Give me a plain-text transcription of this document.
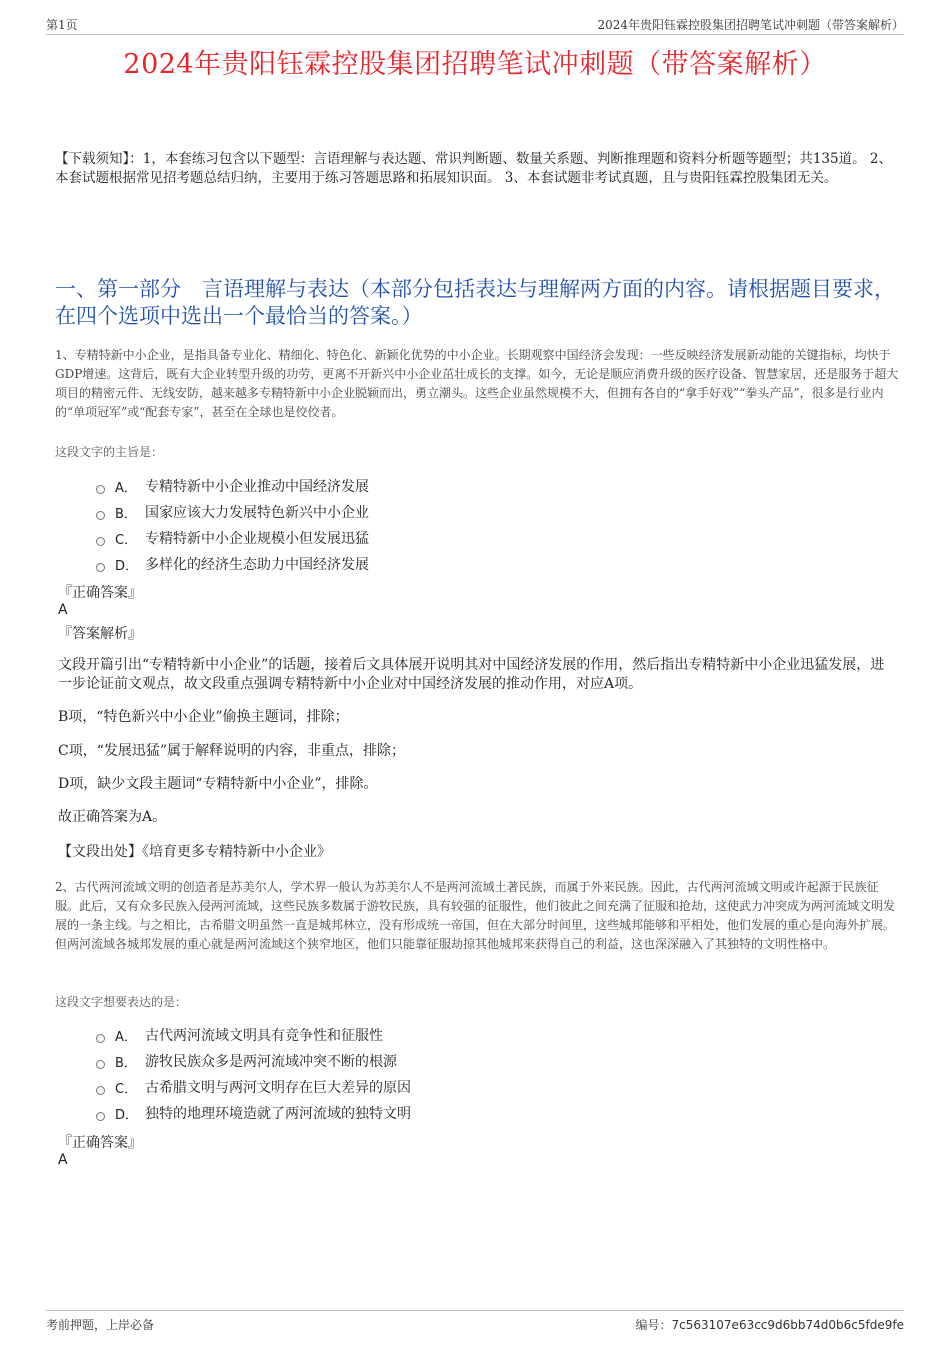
第1页	2024年贵阳钰霖控股集团招聘笔试冲刺题（带答案解析）
2024年贵阳钰霖控股集团招聘笔试冲刺题（带答案解析）
【下载须知】：1，本套练习包含以下题型：言语理解与表达题、常识判断题、数量关系题、判断推理题和资料分析题等题型；共135道。 2、本套试题根据常见招考题总结归纳，主要用于练习答题思路和拓展知识面。 3、本套试题非考试真题，且与贵阳钰霖控股集团无关。
一、第一部分　言语理解与表达（本部分包括表达与理解两方面的内容。请根据题目要求，在四个选项中选出一个最恰当的答案。）
1、专精特新中小企业，是指具备专业化、精细化、特色化、新颖化优势的中小企业。长期观察中国经济会发现：一些反映经济发展新动能的关键指标，均快于GDP增速。这背后，既有大企业转型升级的功劳，更离不开新兴中小企业茁壮成长的支撑。如今，无论是顺应消费升级的医疗设备、智慧家居，还是服务于超大项目的精密元件、无线安防，越来越多专精特新中小企业脱颖而出，勇立潮头。这些企业虽然规模不大，但拥有各自的“拿手好戏”“拳头产品”，很多是行业内的“单项冠军”或“配套专家”，甚至在全球也是佼佼者。
这段文字的主旨是：
A． 专精特新中小企业推动中国经济发展
B． 国家应该大力发展特色新兴中小企业
C． 专精特新中小企业规模小但发展迅猛
D． 多样化的经济生态助力中国经济发展
『正确答案』
A
『答案解析』
文段开篇引出“专精特新中小企业”的话题，接着后文具体展开说明其对中国经济发展的作用，然后指出专精特新中小企业迅猛发展，进一步论证前文观点，故文段重点强调专精特新中小企业对中国经济发展的推动作用，对应A项。
B项，“特色新兴中小企业”偷换主题词，排除；
C项，“发展迅猛”属于解释说明的内容，非重点，排除；
D项，缺少文段主题词“专精特新中小企业”，排除。
故正确答案为A。
【文段出处】《培育更多专精特新中小企业》
2、古代两河流域文明的创造者是苏美尔人，学术界一般认为苏美尔人不是两河流域土著民族，而属于外来民族。因此，古代两河流域文明或许起源于民族征服。此后，又有众多民族入侵两河流域，这些民族多数属于游牧民族，具有较强的征服性，他们彼此之间充满了征服和抢劫，这使武力冲突成为两河流域文明发展的一条主线。与之相比，古希腊文明虽然一直是城邦林立，没有形成统一帝国，但在大部分时间里，这些城邦能够和平相处，他们发展的重心是向海外扩展。但两河流域各城邦发展的重心就是两河流域这个狭窄地区，他们只能靠征服劫掠其他城邦来获得自己的利益，这也深深融入了其独特的文明性格中。
这段文字想要表达的是：
A． 古代两河流域文明具有竞争性和征服性
B． 游牧民族众多是两河流域冲突不断的根源
C． 古希腊文明与两河文明存在巨大差异的原因
D． 独特的地理环境造就了两河流域的独特文明
『正确答案』
A
考前押题，上岸必备	编号：7c563107e63cc9d6bb74d0b6c5fde9fe
